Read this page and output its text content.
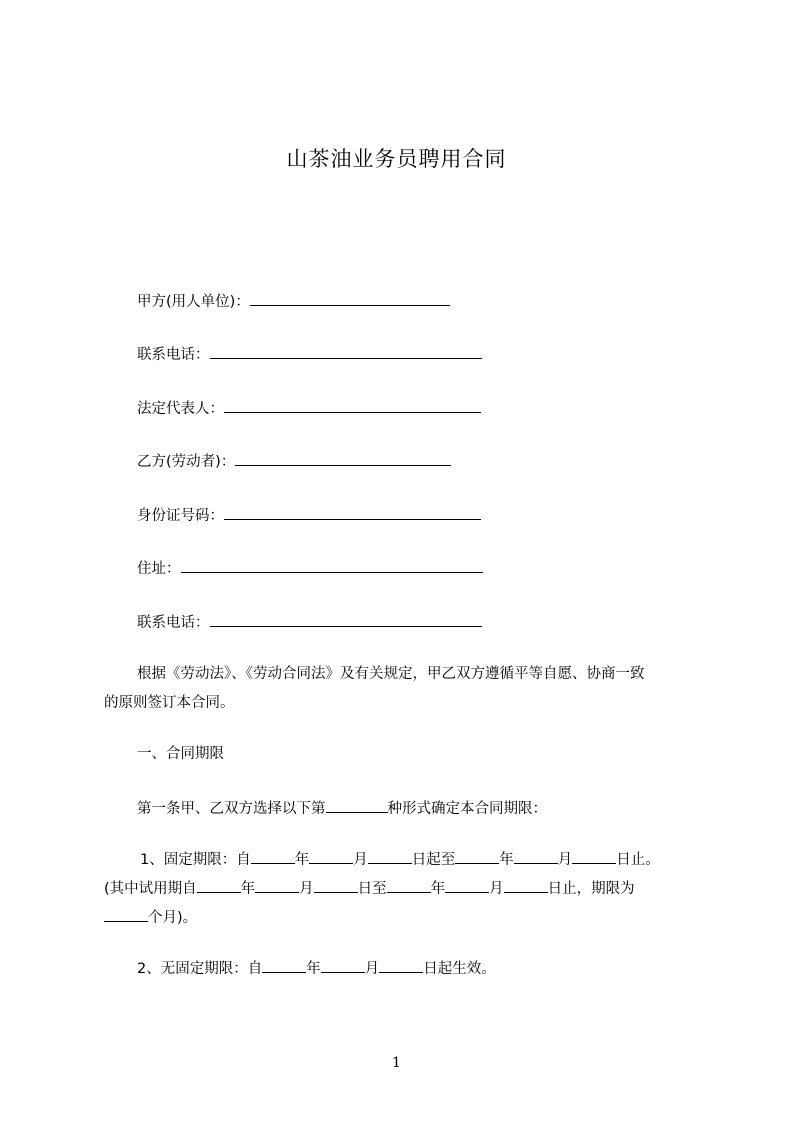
山茶油业务员聘用合同
甲方(用人单位)：
联系电话：
法定代表人：
乙方(劳动者)：
身份证号码：
住址：
联系电话：
根据《劳动法》、《劳动合同法》及有关规定，甲乙双方遵循平等自愿、协商一致
的原则签订本合同。
一、合同期限
第一条甲、乙双方选择以下第	种形式确定本合同期限：
1、固定期限：自	年	月	日起至	年	月	日止。
(其中试用期自	年	月	日至	年	月	日止，期限为
个月)。
2、无固定期限：自	年	月	日起生效。
1
